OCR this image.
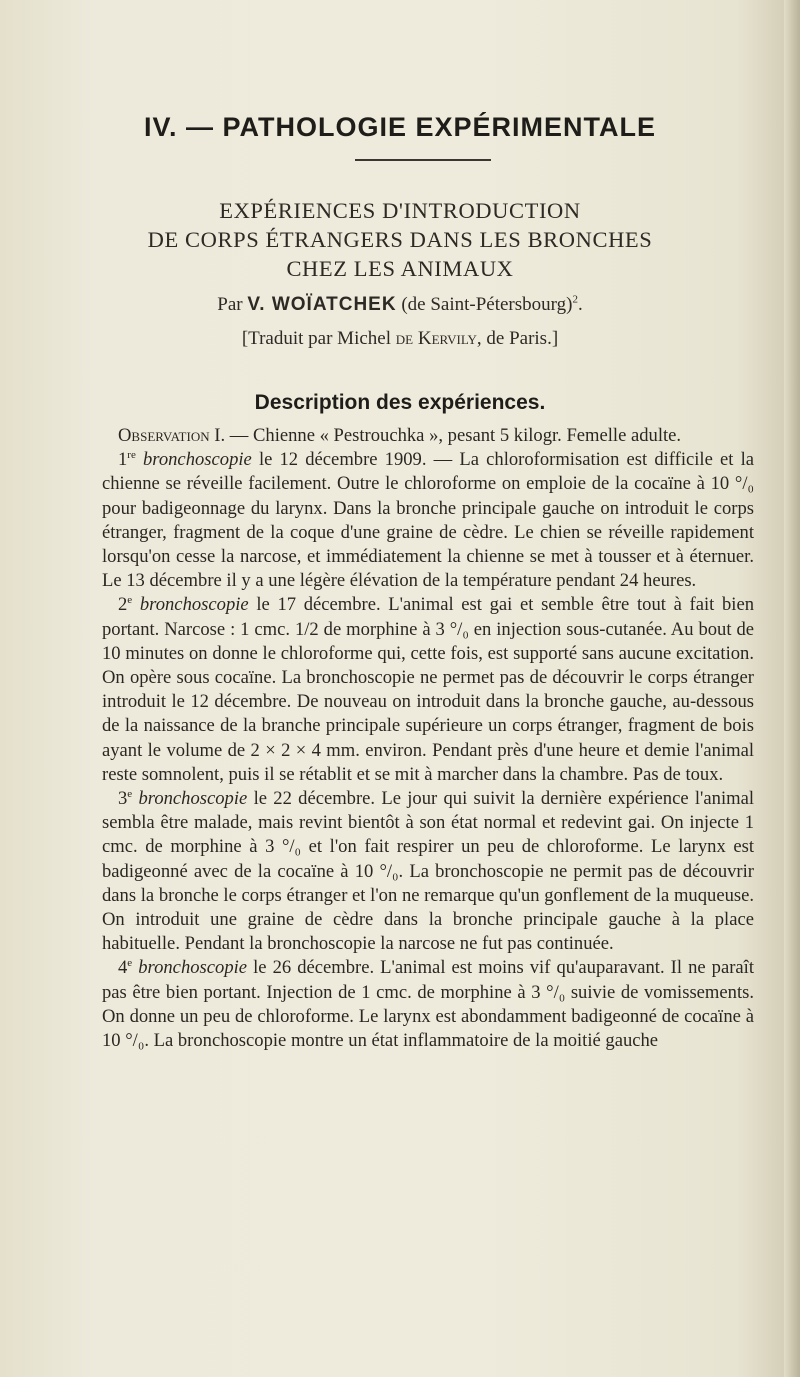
IV. — PATHOLOGIE EXPÉRIMENTALE
EXPÉRIENCES D'INTRODUCTION
DE CORPS ÉTRANGERS DANS LES BRONCHES
CHEZ LES ANIMAUX
Par V. WOÏATCHEK (de Saint-Pétersbourg)$^2$.
[Traduit par Michel de Kervily, de Paris.]
Description des expériences.

Observation I. — Chienne « Pestrouchka », pesant 5 kilogr. Femelle adulte.

1re bronchoscopie le 12 décembre 1909. — La chloroformisation est difficile et la chienne se réveille facilement. Outre le chloroforme on emploie de la cocaïne à 10 °/₀ pour badigeonnage du larynx. Dans la bronche principale gauche on introduit le corps étranger, fragment de la coque d'une graine de cèdre. Le chien se réveille rapidement lorsqu'on cesse la narcose, et immédiatement la chienne se met à tousser et à éternuer. Le 13 décembre il y a une légère élévation de la température pendant 24 heures.

2e bronchoscopie le 17 décembre. L'animal est gai et semble être tout à fait bien portant. Narcose : 1 cmc. 1/2 de morphine à 3 °/₀ en injection sous-cutanée. Au bout de 10 minutes on donne le chloroforme qui, cette fois, est supporté sans aucune excitation. On opère sous cocaïne. La bronchoscopie ne permet pas de découvrir le corps étranger introduit le 12 décembre. De nouveau on introduit dans la bronche gauche, au-dessous de la naissance de la branche principale supérieure un corps étranger, fragment de bois ayant le volume de 2 × 2 × 4 mm. environ. Pendant près d'une heure et demie l'animal reste somnolent, puis il se rétablit et se mit à marcher dans la chambre. Pas de toux.

3e bronchoscopie le 22 décembre. Le jour qui suivit la dernière expérience l'animal sembla être malade, mais revint bientôt à son état normal et redevint gai. On injecte 1 cmc. de morphine à 3 °/₀ et l'on fait respirer un peu de chloroforme. Le larynx est badigeonné avec de la cocaïne à 10 °/₀. La bronchoscopie ne permit pas de découvrir dans la bronche le corps étranger et l'on ne remarque qu'un gonflement de la muqueuse. On introduit une graine de cèdre dans la bronche principale gauche à la place habituelle. Pendant la bronchoscopie la narcose ne fut pas continuée.

4e bronchoscopie le 26 décembre. L'animal est moins vif qu'auparavant. Il ne paraît pas être bien portant. Injection de 1 cmc. de morphine à 3 °/₀ suivie de vomissements. On donne un peu de chloroforme. Le larynx est abondamment badigeonné de cocaïne à 10 °/₀. La bronchoscopie montre un état inflammatoire de la moitié gauche
